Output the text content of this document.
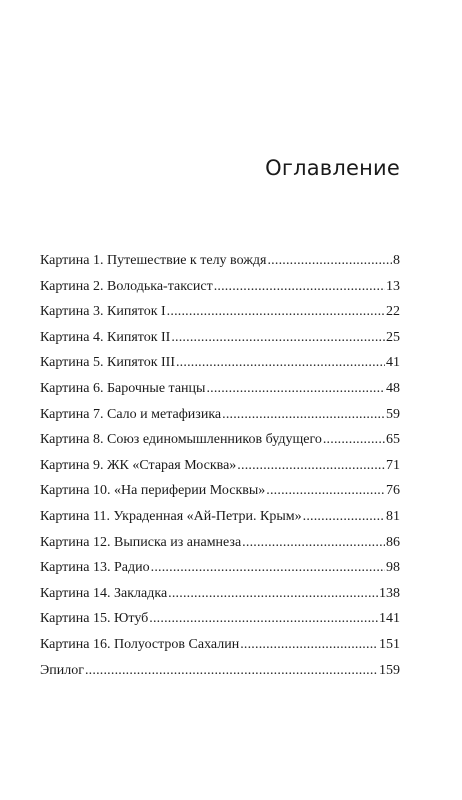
Оглавление
Картина 1. Путешествие к телу вождя .....	8
Картина 2. Володька-таксист .....	13
Картина 3. Кипяток I .....	22
Картина 4. Кипяток II .....	25
Картина 5. Кипяток III .....	41
Картина 6. Барочные танцы .....	48
Картина 7. Сало и метафизика .....	59
Картина 8. Союз единомышленников будущего .....	65
Картина 9. ЖК «Старая Москва» .....	71
Картина 10. «На периферии Москвы» .....	76
Картина 11. Украденная «Ай-Петри. Крым» .....	81
Картина 12. Выписка из анамнеза .....	86
Картина 13. Радио .....	98
Картина 14. Закладка .....	138
Картина 15. Ютуб .....	141
Картина 16. Полуостров Сахалин .....	151
Эпилог .....	159
